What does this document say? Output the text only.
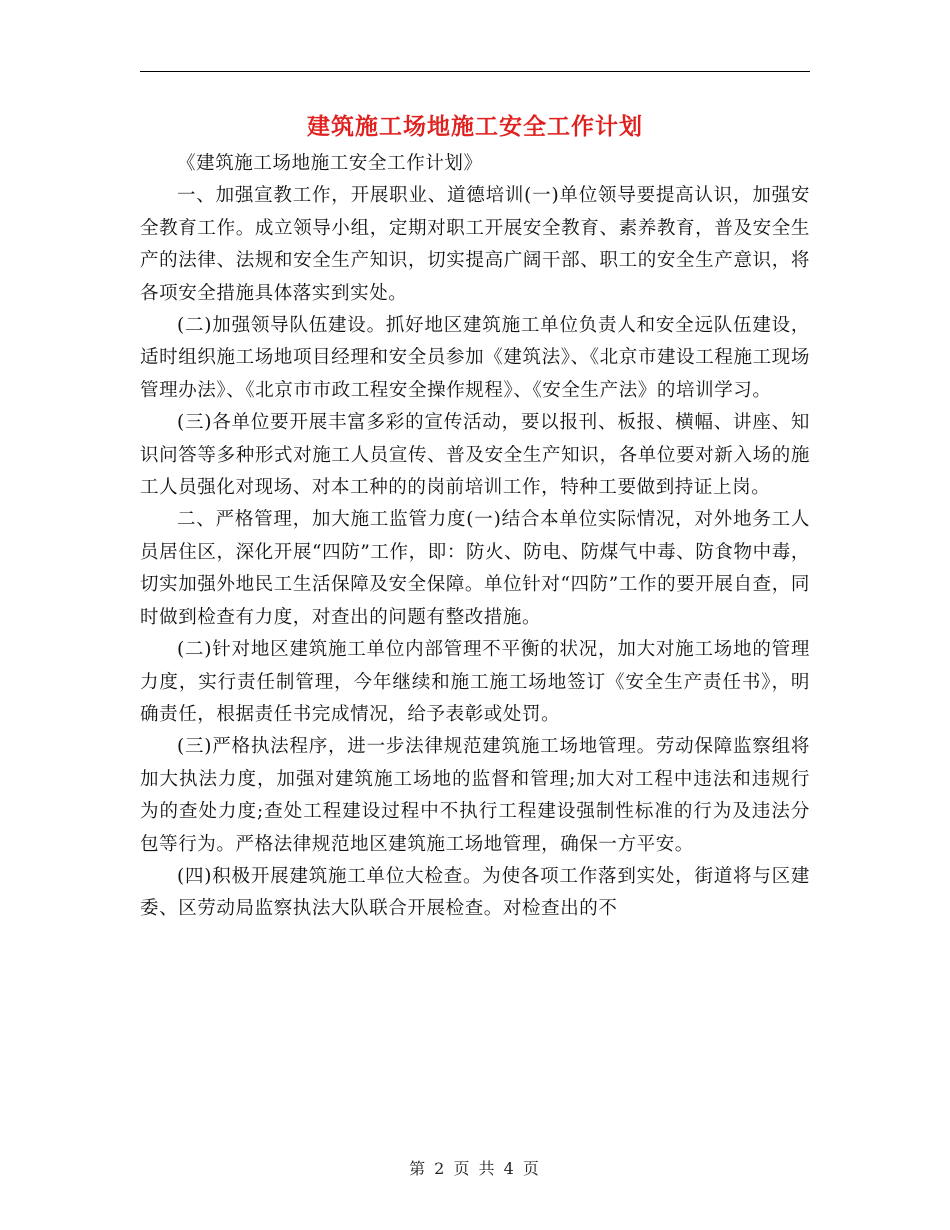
建筑施工场地施工安全工作计划

《建筑施工场地施工安全工作计划》

一、加强宣教工作，开展职业、道德培训(一)单位领导要提高认识，加强安全教育工作。成立领导小组，定期对职工开展安全教育、素养教育，普及安全生产的法律、法规和安全生产知识，切实提高广阔干部、职工的安全生产意识，将各项安全措施具体落实到实处。

(二)加强领导队伍建设。抓好地区建筑施工单位负责人和安全远队伍建设，适时组织施工场地项目经理和安全员参加《建筑法》、《北京市建设工程施工现场管理办法》、《北京市市政工程安全操作规程》、《安全生产法》的培训学习。

(三)各单位要开展丰富多彩的宣传活动，要以报刊、板报、横幅、讲座、知识问答等多种形式对施工人员宣传、普及安全生产知识，各单位要对新入场的施工人员强化对现场、对本工种的的岗前培训工作，特种工要做到持证上岗。

二、严格管理，加大施工监管力度(一)结合本单位实际情况，对外地务工人员居住区，深化开展“四防”工作，即：防火、防电、防煤气中毒、防食物中毒，切实加强外地民工生活保障及安全保障。单位针对“四防”工作的要开展自查，同时做到检查有力度，对查出的问题有整改措施。

(二)针对地区建筑施工单位内部管理不平衡的状况，加大对施工场地的管理力度，实行责任制管理，今年继续和施工施工场地签订《安全生产责任书》，明确责任，根据责任书完成情况，给予表彰或处罚。

(三)严格执法程序，进一步法律规范建筑施工场地管理。劳动保障监察组将加大执法力度，加强对建筑施工场地的监督和管理;加大对工程中违法和违规行为的查处力度;查处工程建设过程中不执行工程建设强制性标准的行为及违法分包等行为。严格法律规范地区建筑施工场地管理，确保一方平安。

(四)积极开展建筑施工单位大检查。为使各项工作落到实处，街道将与区建委、区劳动局监察执法大队联合开展检查。对检查出的不

第 2 页 共 4 页
